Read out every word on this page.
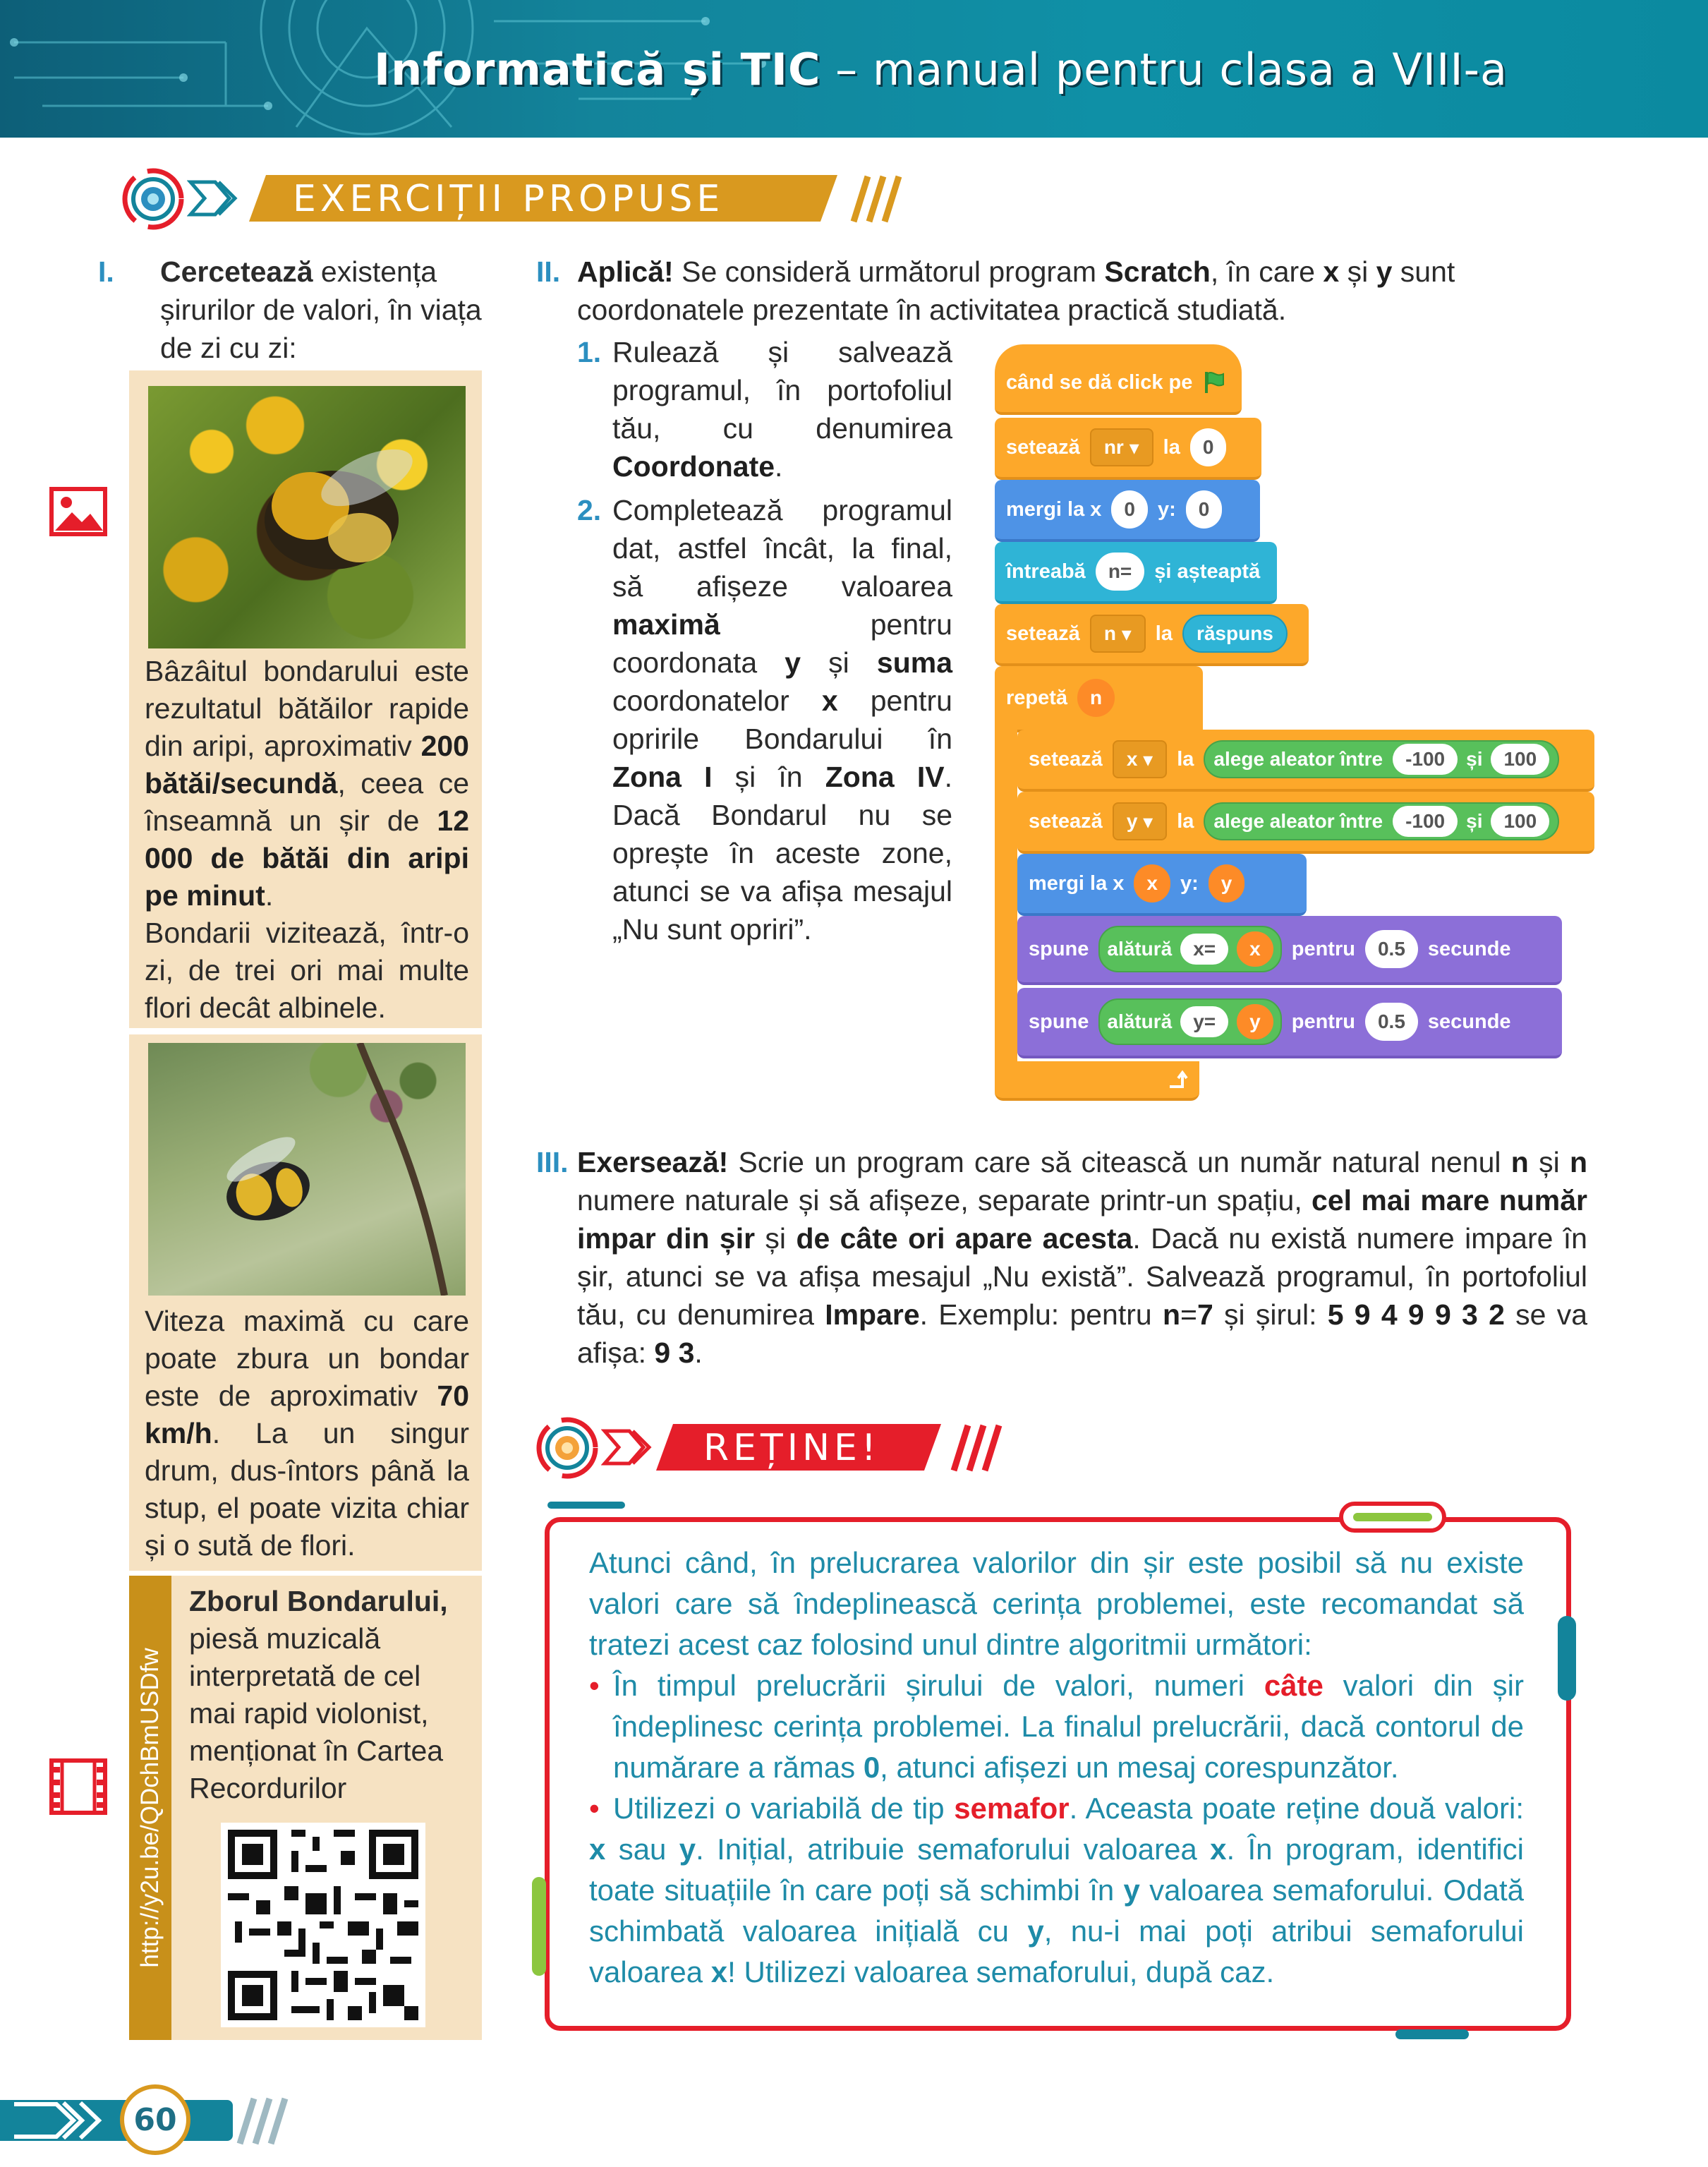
Informatică și TIC – manual pentru clasa a VIII-a
EXERCIȚII PROPUSE
I. Cercetează existența șirurilor de valori, în viața de zi cu zi:
Bâzâitul bondarului este rezultatul bătăilor rapide din aripi, aproximativ 200 bătăi/secundă, ceea ce înseamnă un șir de 12 000 de bătăi din aripi pe minut.
Bondarii vizitează, într-o zi, de trei ori mai multe flori decât albinele.
Viteza maximă cu care poate zbura un bondar este de aproximativ 70 km/h. La un singur drum, dus-întors până la stup, el poate vizita chiar și o sută de flori.
http://y2u.be/QDchBmUSDfw
Zborul Bondarului, piesă muzicală interpretată de cel mai rapid violonist, menționat în Cartea Recordurilor
II. Aplică! Se consideră următorul program Scratch, în care x și y sunt coordonatele prezentate în activitatea practică studiată.
1. Rulează și salvează programul, în portofoliul tău, cu denumirea Coordonate.
2. Completează programul dat, astfel încât, la final, să afișeze valoarea maximă pentru coordonata y și suma coordonatelor x pentru opririle Bondarului în Zona I și în Zona IV. Dacă Bondarul nu se oprește în aceste zone, atunci se va afișa mesajul „Nu sunt opriri”.
când se dă click pe
setează nr ▾	la	0
mergi la x	0	y:	0
întreabă	n=	și așteaptă
setează n ▾	la	răspuns
repetă	n
setează x ▾	la alege aleator între	-100	și	100
setează y ▾	la alege aleator între	-100	și	100
mergi la x	x	y:	y
spune alătură	x=	x	pentru	0.5	secunde
spune alătură	y=	y	pentru	0.5	secunde
III. Exersează! Scrie un program care să citească un număr natural nenul n și n numere naturale și să afișeze, separate printr-un spațiu, cel mai mare număr impar din șir și de câte ori apare acesta. Dacă nu există numere impare în șir, atunci se va afișa mesajul „Nu există”. Salvează programul, în portofoliul tău, cu denumirea Impare. Exemplu: pentru n=7 și șirul: 5 9 4 9 9 3 2 se va afișa: 9 3.
REȚINE!
Atunci când, în prelucrarea valorilor din șir este posibil să nu existe valori care să îndeplinească cerința problemei, este recomandat să tratezi acest caz folosind unul dintre algoritmii următori:
• În timpul prelucrării șirului de valori, numeri câte valori din șir îndeplinesc cerința problemei. La finalul prelucrării, dacă contorul de numărare a rămas 0, atunci afișezi un mesaj corespunzător.
• Utilizezi o variabilă de tip semafor. Aceasta poate reține două valori: x sau y. Inițial, atribuie semaforului valoarea x. În program, identifici toate situațiile în care poți să schimbi în y valoarea semaforului. Odată schimbată valoarea inițială cu y, nu-i mai poți atribui semaforului valoarea x! Utilizezi valoarea semaforului, după caz.
60
